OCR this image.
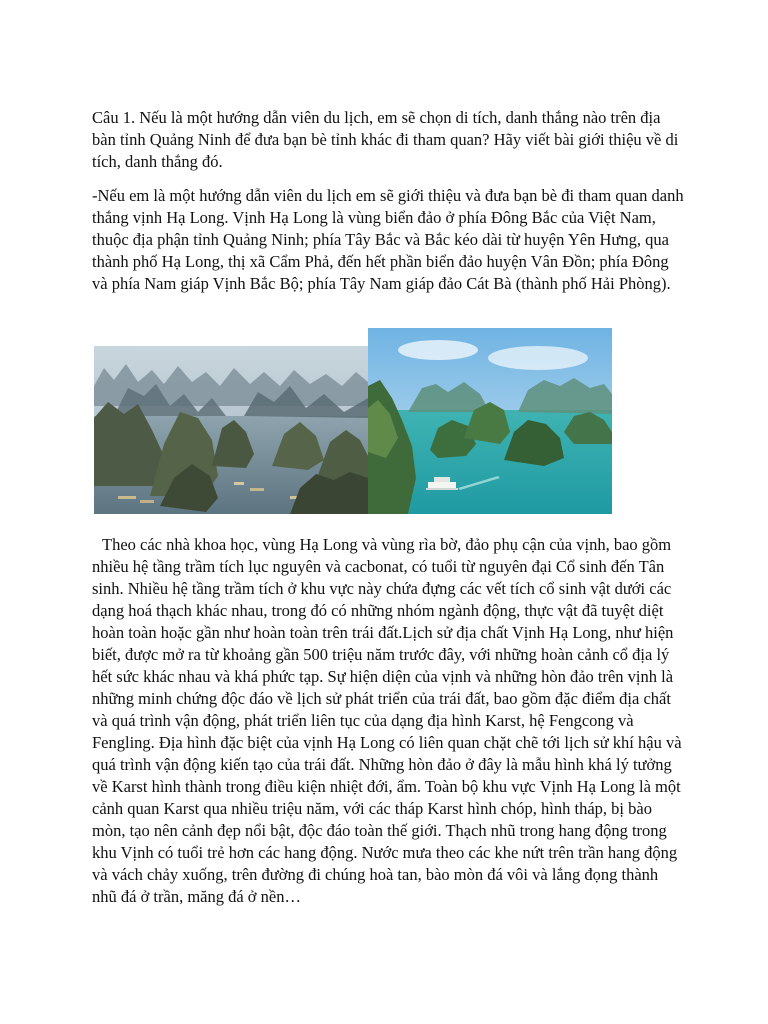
Câu 1. Nếu là một hướng dẫn viên du lịch, em sẽ chọn di tích, danh thắng nào trên địa bàn tỉnh Quảng Ninh để đưa bạn bè tỉnh khác đi tham quan? Hãy viết bài giới thiệu về di tích, danh thắng đó.

-Nếu em là một hướng dẫn viên du lịch em sẽ giới thiệu và đưa bạn bè đi tham quan danh thắng vịnh Hạ Long. Vịnh Hạ Long là vùng biển đảo ở phía Đông Bắc của Việt Nam, thuộc địa phận tỉnh Quảng Ninh; phía Tây Bắc và Bắc kéo dài từ huyện Yên Hưng, qua thành phố Hạ Long, thị xã Cẩm Phả, đến hết phần biển đảo huyện Vân Đồn; phía Đông và phía Nam giáp Vịnh Bắc Bộ; phía Tây Nam giáp đảo Cát Bà (thành phố Hải Phòng).

Theo các nhà khoa học, vùng Hạ Long và vùng rìa bờ, đảo phụ cận của vịnh, bao gồm nhiều hệ tầng trầm tích lục nguyên và cacbonat, có tuổi từ nguyên đại Cổ sinh đến Tân sinh. Nhiều hệ tầng trầm tích ở khu vực này chứa đựng các vết tích cổ sinh vật dưới các dạng hoá thạch khác nhau, trong đó có những nhóm ngành động, thực vật đã tuyệt diệt hoàn toàn hoặc gần như hoàn toàn trên trái đất.Lịch sử địa chất Vịnh Hạ Long, như hiện biết, được mở ra từ khoảng gần 500 triệu năm trước đây, với những hoàn cảnh cổ địa lý hết sức khác nhau và khá phức tạp. Sự hiện diện của vịnh và những hòn đảo trên vịnh là những minh chứng độc đáo về lịch sử phát triển của trái đất, bao gồm đặc điểm địa chất và quá trình vận động, phát triển liên tục của dạng địa hình Karst, hệ Fengcong và Fengling. Địa hình đặc biệt của vịnh Hạ Long có liên quan chặt chẽ tới lịch sử khí hậu và quá trình vận động kiến tạo của trái đất. Những hòn đảo ở đây là mẫu hình khá lý tưởng về Karst hình thành trong điều kiện nhiệt đới, ẩm. Toàn bộ khu vực Vịnh Hạ Long là một cảnh quan Karst qua nhiều triệu năm, với các tháp Karst hình chóp, hình tháp, bị bào mòn, tạo nên cảnh đẹp nổi bật, độc đáo toàn thế giới. Thạch nhũ trong hang động trong khu Vịnh có tuổi trẻ hơn các hang động. Nước mưa theo các khe nứt trên trần hang động và vách chảy xuống, trên đường đi chúng hoà tan, bào mòn đá vôi và lắng đọng thành nhũ đá ở trần, măng đá ở nền…
